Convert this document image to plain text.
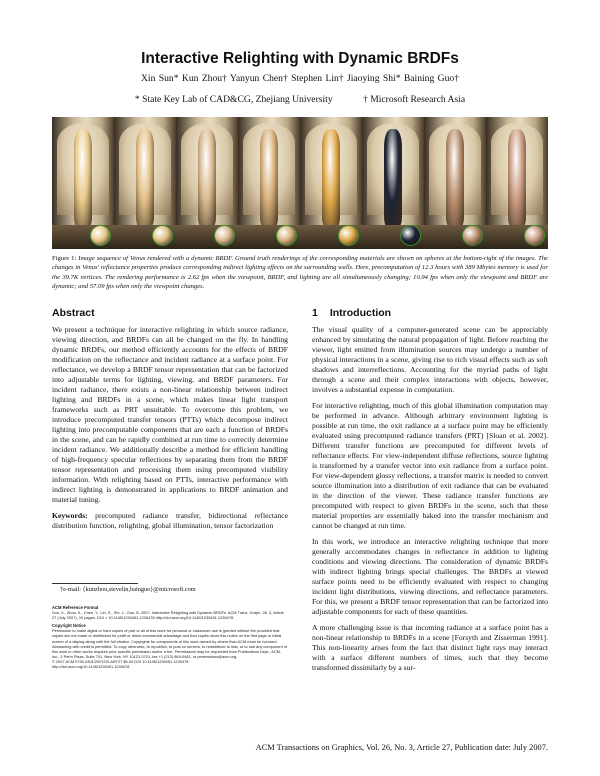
Interactive Relighting with Dynamic BRDFs
Xin Sun* Kun Zhou† Yanyun Chen† Stephen Lin† Jiaoying Shi* Baining Guo†
* State Key Lab of CAD&CG, Zhejiang University	† Microsoft Research Asia
Figure 1: Image sequence of Venus rendered with a dynamic BRDF. Ground truth renderings of the corresponding materials are shown on spheres at the bottom-right of the images. The changes in Venus' reflectance properties produce corresponding indirect lighting effects on the surrounding walls. Here, precomputation of 12.3 hours with 389 Mbytes memory is used for the 39.7K vertices. The rendering performance is 2.62 fps when the viewpoint, BRDF, and lighting are all simultaneously changing; 10.94 fps when only the viewpoint and BRDF are dynamic; and 57.09 fps when only the viewpoint changes.
Abstract

We present a technique for interactive relighting in which source radiance, viewing direction, and BRDFs can all be changed on the fly. In handling dynamic BRDFs, our method efficiently accounts for the effects of BRDF modification on the reflectance and incident radiance at a surface point. For reflectance, we develop a BRDF tensor representation that can be factorized into adjustable terms for lighting, viewing, and BRDF parameters. For incident radiance, there exists a non-linear relationship between indirect lighting and BRDFs in a scene, which makes linear light transport frameworks such as PRT unsuitable. To overcome this problem, we introduce precomputed transfer tensors (PTTs) which decompose indirect lighting into precomputable components that are each a function of BRDFs in the scene, and can be rapidly combined at run time to correctly determine incident radiance. We additionally describe a method for efficient handling of high-frequency specular reflections by separating them from the BRDF tensor representation and processing them using precomputed visibility information. With relighting based on PTTs, interactive performance with indirect lighting is demonstrated in applications to BRDF animation and material tuning.

Keywords: precomputed radiance transfer, bidirectional reflectance distribution function, relighting, global illumination, tensor factorization

†e-mail: {kunzhou,stevelin,bainguo}@microsoft.com
ACM Reference Format
Sun, X., Zhou, K., Chen, Y., Lin, S., Shi, J., Guo, B. 2007. Interactive Relighting with Dynamic BRDFs. ACM Trans. Graph. 26, 3, Article 27 (July 2007), 10 pages. DOI = 10.1145/1239451.1239478 http://doi.acm.org/10.1145/1239451.1239478.
Copyright Notice
Permission to make digital or hard copies of part or all of this work for personal or classroom use is granted without fee provided that copies are not made or distributed for profit or direct commercial advantage and that copies show this notice on the first page or initial screen of a display along with the full citation. Copyrights for components of this work owned by others than ACM must be honored. Abstracting with credit is permitted. To copy otherwise, to republish, to post on servers, to redistribute to lists, or to use any component of this work in other works requires prior specific permission and/or a fee. Permissions may be requested from Publications Dept., ACM, Inc., 2 Penn Plaza, Suite 701, New York, NY 10121-0701, fax +1 (212) 869-0481, or permissions@acm.org.
© 2007 ACM 0730-0301/2007/03-ART27 $5.00 DOI 10.1145/1239451.1239478
http://doi.acm.org/10.1145/1239451.1239478
1 Introduction

The visual quality of a computer-generated scene can be appreciably enhanced by simulating the natural propagation of light. Before reaching the viewer, light emitted from illumination sources may undergo a number of physical interactions in a scene, giving rise to rich visual effects such as soft shadows and interreflections. Accounting for the myriad paths of light through a scene and their complex interactions with objects, however, involves a substantial expense in computation.

For interactive relighting, much of this global illumination computation may be performed in advance. Although arbitrary environment lighting is possible at run time, the exit radiance at a surface point may be efficiently evaluated using precomputed radiance transfers (PRT) [Sloan et al. 2002]. Different transfer functions are precomputed for different levels of reflectance effects. For view-independent diffuse reflections, source lighting is transformed by a transfer vector into exit radiance from a surface point. For view-dependent glossy reflections, a transfer matrix is needed to convert source illumination into a distribution of exit radiance that can be evaluated in the direction of the viewer. These radiance transfer functions are precomputed with respect to given BRDFs in the scene, such that these material properties are essentially baked into the transfer mechanism and cannot be changed at run time.

In this work, we introduce an interactive relighting technique that more generally accommodates changes in reflectance in addition to lighting conditions and viewing directions. The consideration of dynamic BRDFs with indirect lighting brings special challenges. The BRDFs at viewed surface points need to be efficiently evaluated with respect to changing incident light distributions, viewing directions, and reflectance parameters. For this, we present a BRDF tensor representation that can be factorized into adjustable components for each of these quantities.

A more challenging issue is that incoming radiance at a surface point has a non-linear relationship to BRDFs in a scene [Forsyth and Zisserman 1991]. This non-linearity arises from the fact that distinct light rays may interact with a surface different numbers of times, such that they become transformed dissimilarly by a sur-

ACM Transactions on Graphics, Vol. 26, No. 3, Article 27, Publication date: July 2007.
